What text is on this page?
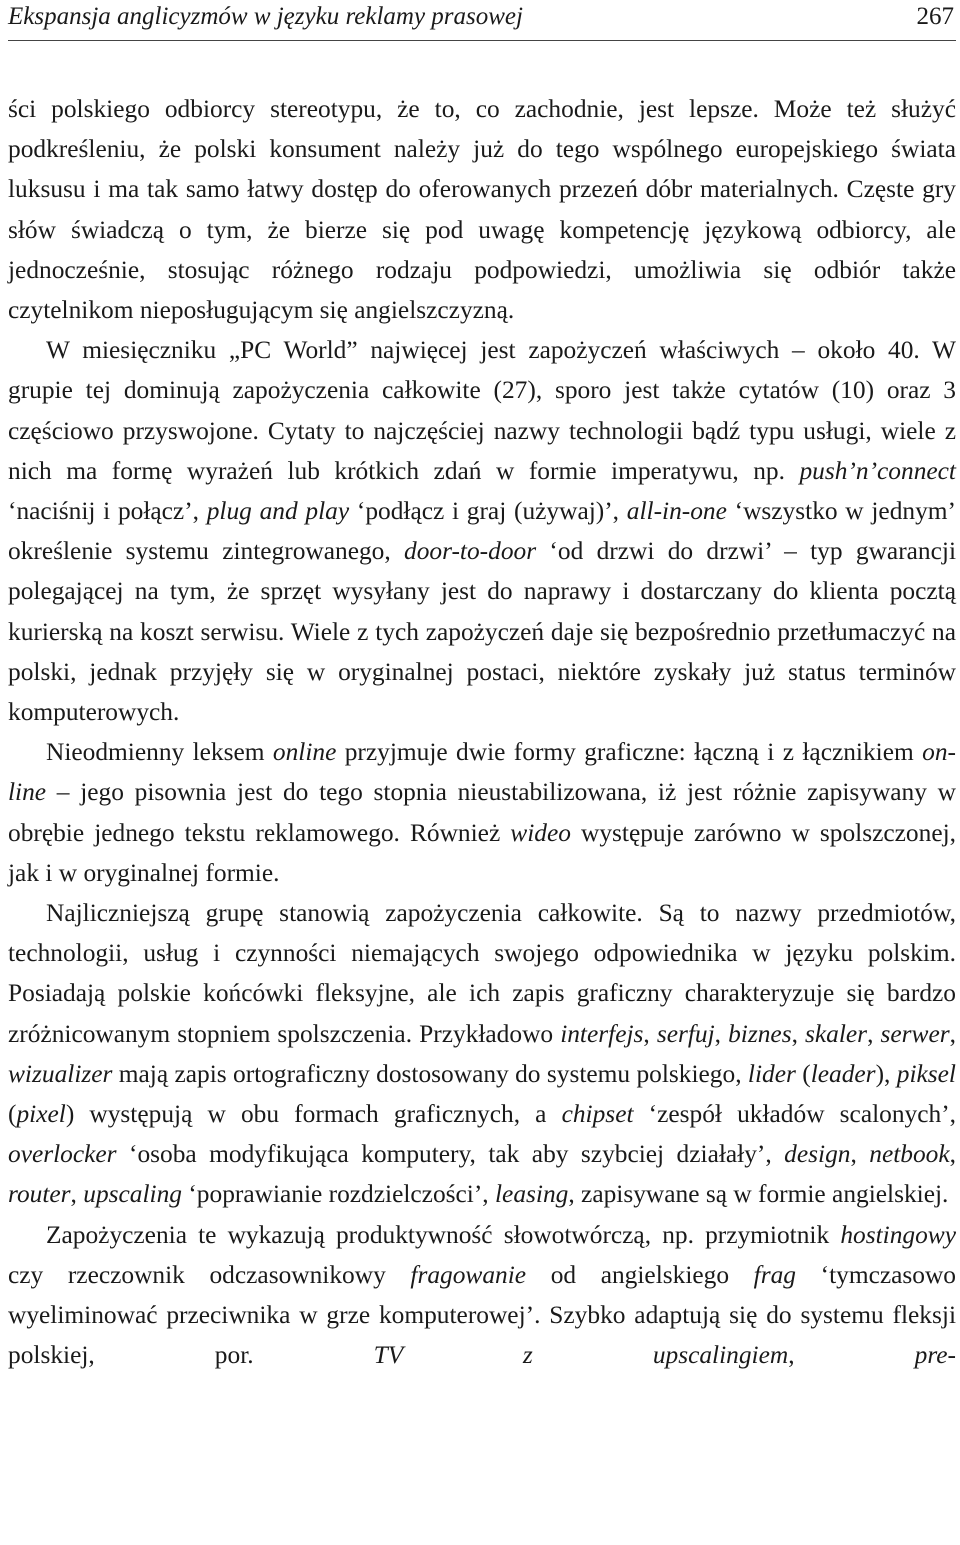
Ekspansja anglicyzmów w języku reklamy prasowej	267

ści polskiego odbiorcy stereotypu, że to, co zachodnie, jest lepsze. Może też służyć podkreśleniu, że polski konsument należy już do tego wspólnego europejskiego świata luksusu i ma tak samo łatwy dostęp do oferowanych przezeń dóbr materialnych. Częste gry słów świadczą o tym, że bierze się pod uwagę kompetencję językową odbiorcy, ale jednocześnie, stosując różnego rodzaju podpowiedzi, umożliwia się odbiór także czytelnikom nieposługującym się angielszczyzną.

W miesięczniku „PC World” najwięcej jest zapożyczeń właściwych – około 40. W grupie tej dominują zapożyczenia całkowite (27), sporo jest także cytatów (10) oraz 3 częściowo przyswojone. Cytaty to najczęściej nazwy technologii bądź typu usługi, wiele z nich ma formę wyrażeń lub krótkich zdań w formie imperatywu, np. push’n’connect ‘naciśnij i połącz’, plug and play ‘podłącz i graj (używaj)’, all-in-one ‘wszystko w jednym’ określenie systemu zintegrowanego, door-to-door ‘od drzwi do drzwi’ – typ gwarancji polegającej na tym, że sprzęt wysyłany jest do naprawy i dostarczany do klienta pocztą kurierską na koszt serwisu. Wiele z tych zapożyczeń daje się bezpośrednio przetłumaczyć na polski, jednak przyjęły się w oryginalnej postaci, niektóre zyskały już status terminów komputerowych.

Nieodmienny leksem online przyjmuje dwie formy graficzne: łączną i z łącznikiem on-line – jego pisownia jest do tego stopnia nieustabilizowana, iż jest różnie zapisywany w obrębie jednego tekstu reklamowego. Również wideo występuje zarówno w spolszczonej, jak i w oryginalnej formie.

Najliczniejszą grupę stanowią zapożyczenia całkowite. Są to nazwy przedmiotów, technologii, usług i czynności niemających swojego odpowiednika w języku polskim. Posiadają polskie końcówki fleksyjne, ale ich zapis graficzny charakteryzuje się bardzo zróżnicowanym stopniem spolszczenia. Przykładowo interfejs, serfuj, biznes, skaler, serwer, wizualizer mają zapis ortograficzny dostosowany do systemu polskiego, lider (leader), piksel (pixel) występują w obu formach graficznych, a chipset ‘zespół układów scalonych’, overlocker ‘osoba modyfikująca komputery, tak aby szybciej działały’, design, netbook, router, upscaling ‘poprawianie rozdzielczości’, leasing, zapisywane są w formie angielskiej.

Zapożyczenia te wykazują produktywność słowotwórczą, np. przymiotnik hostingowy czy rzeczownik odczasownikowy fragowanie od angielskiego frag ‘tymczasowo wyeliminować przeciwnika w grze komputerowej’. Szybko adaptują się do systemu fleksji polskiej, por. TV z upscalingiem, pre-
